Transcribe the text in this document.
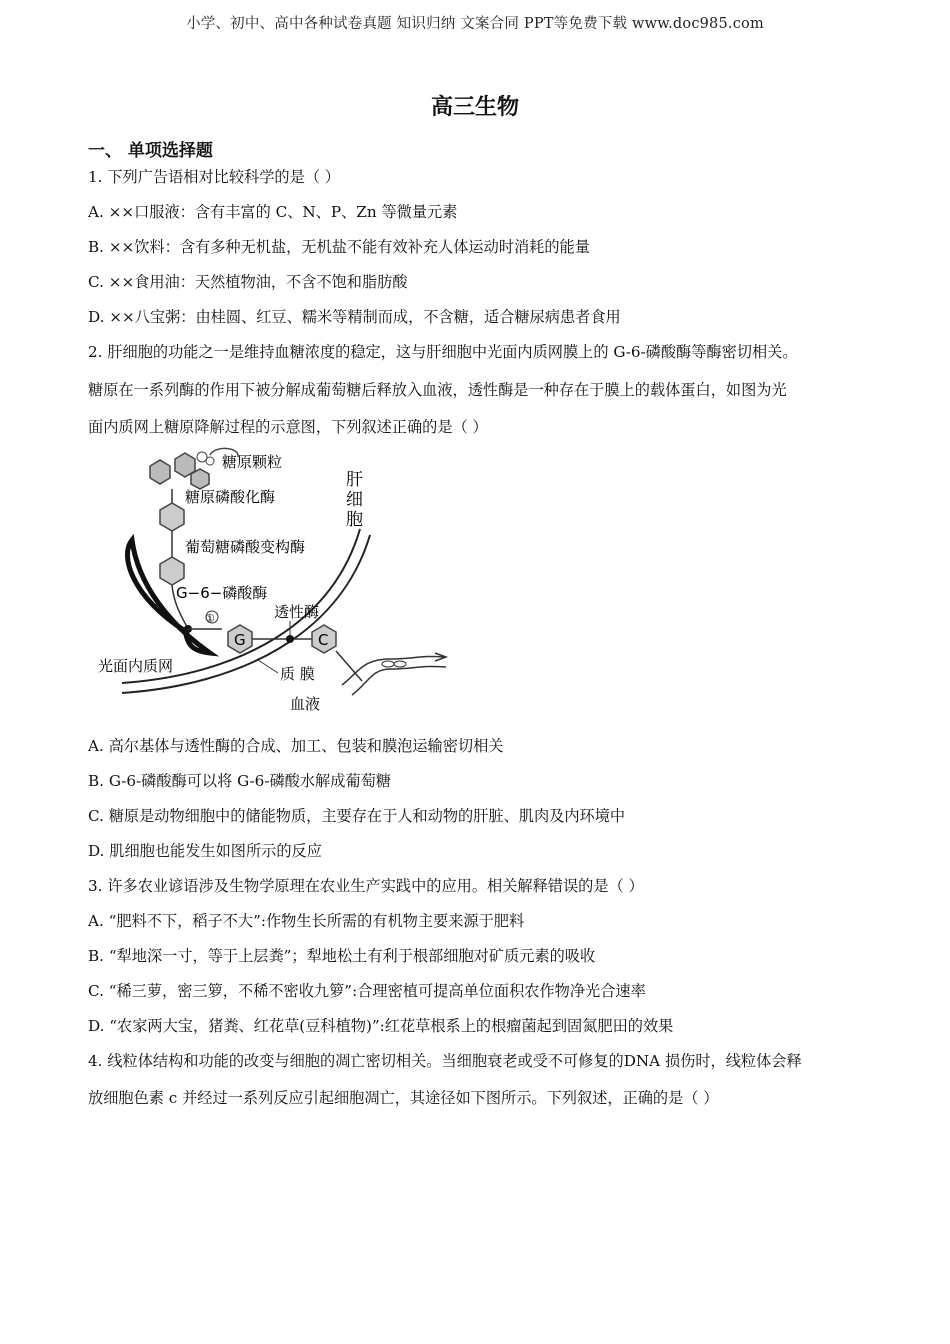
小学、初中、高中各种试卷真题 知识归纳 文案合同 PPT等免费下载 www.doc985.com
高三生物
一、 单项选择题
1. 下列广告语相对比较科学的是（ ）
A. ××口服液：含有丰富的 C、N、P、Zn 等微量元素
B. ××饮料：含有多种无机盐，无机盐不能有效补充人体运动时消耗的能量
C. ××食用油：天然植物油，不含不饱和脂肪酸
D. ××八宝粥：由桂圆、红豆、糯米等精制而成，不含糖，适合糖尿病患者食用
2. 肝细胞的功能之一是维持血糖浓度的稳定，这与肝细胞中光面内质网膜上的 G-6-磷酸酶等酶密切相关。
糖原在一系列酶的作用下被分解成葡萄糖后释放入血液，透性酶是一种存在于膜上的载体蛋白，如图为光
面内质网上糖原降解过程的示意图，下列叙述正确的是（ ）
糖原颗粒
糖原磷酸化酶
葡萄糖磷酸变构酶
G−6−磷酸酶
①
G
透性酶
C
肝
细
胞
光面内质网	质 膜
血液
A. 高尔基体与透性酶的合成、加工、包装和膜泡运输密切相关
B. G-6-磷酸酶可以将 G-6-磷酸水解成葡萄糖
C. 糖原是动物细胞中的储能物质，主要存在于人和动物的肝脏、肌肉及内环境中
D. 肌细胞也能发生如图所示的反应
3. 许多农业谚语涉及生物学原理在农业生产实践中的应用。相关解释错误的是（ ）
A. “肥料不下，稻子不大”:作物生长所需的有机物主要来源于肥料
B. “犁地深一寸，等于上层粪”；犁地松土有利于根部细胞对矿质元素的吸收
C. “稀三萝，密三箩，不稀不密收九箩”:合理密植可提高单位面积农作物净光合速率
D. “农家两大宝，猪粪、红花草(豆科植物)”:红花草根系上的根瘤菌起到固氮肥田的效果
4. 线粒体结构和功能的改变与细胞的凋亡密切相关。当细胞衰老或受不可修复的DNA 损伤时，线粒体会释
放细胞色素 c 并经过一系列反应引起细胞凋亡，其途径如下图所示。下列叙述，正确的是（ ）
